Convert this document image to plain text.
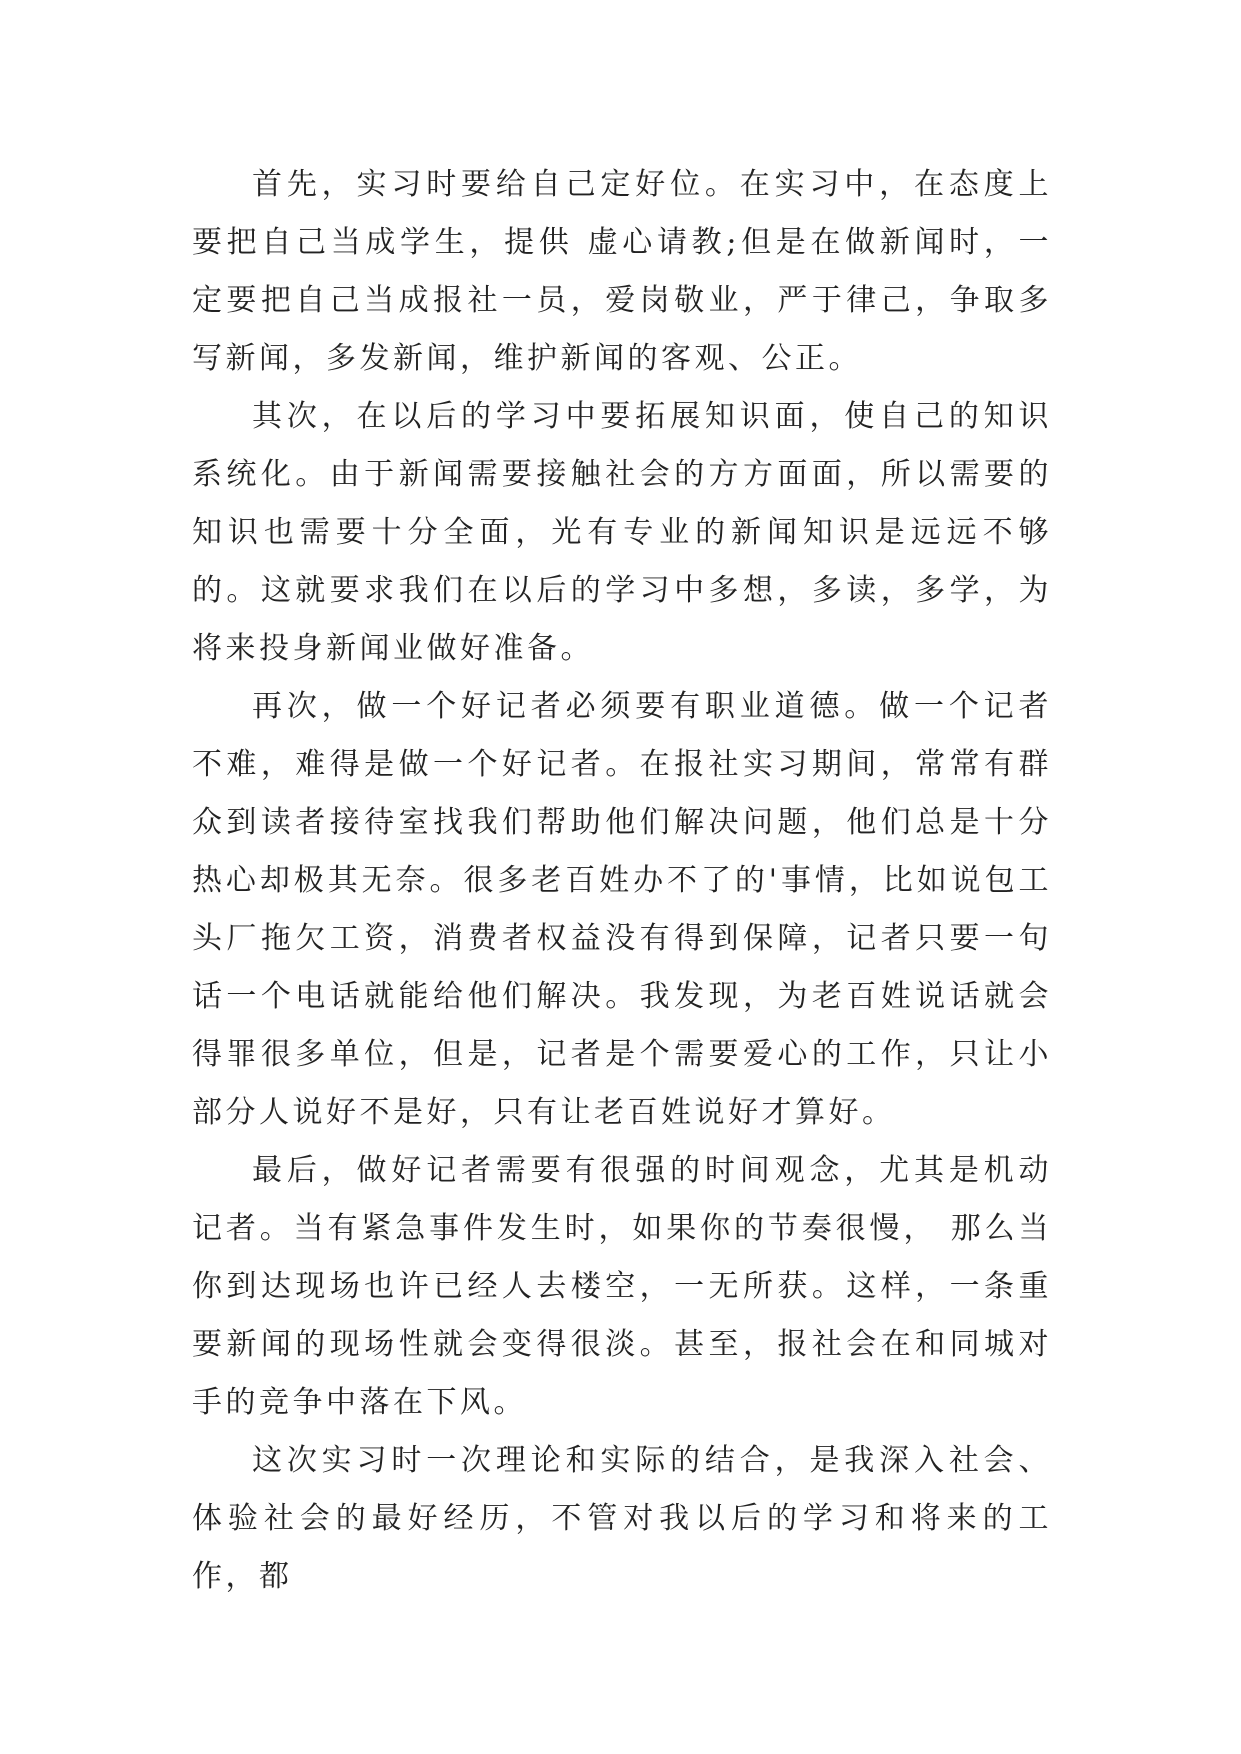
首先，实习时要给自己定好位。在实习中，在态度上要把自己当成学生，提供 虚心请教;但是在做新闻时，一定要把自己当成报社一员，爱岗敬业，严于律己，争取多写新闻，多发新闻，维护新闻的客观、公正。

其次，在以后的学习中要拓展知识面，使自己的知识系统化。由于新闻需要接触社会的方方面面，所以需要的知识也需要十分全面，光有专业的新闻知识是远远不够的。这就要求我们在以后的学习中多想，多读，多学，为将来投身新闻业做好准备。

再次，做一个好记者必须要有职业道德。做一个记者不难，难得是做一个好记者。在报社实习期间，常常有群众到读者接待室找我们帮助他们解决问题，他们总是十分热心却极其无奈。很多老百姓办不了的'事情，比如说包工头厂拖欠工资，消费者权益没有得到保障，记者只要一句话一个电话就能给他们解决。我发现，为老百姓说话就会得罪很多单位，但是，记者是个需要爱心的工作，只让小部分人说好不是好，只有让老百姓说好才算好。

最后，做好记者需要有很强的时间观念，尤其是机动记者。当有紧急事件发生时，如果你的节奏很慢， 那么当你到达现场也许已经人去楼空，一无所获。这样，一条重要新闻的现场性就会变得很淡。甚至，报社会在和同城对手的竞争中落在下风。

这次实习时一次理论和实际的结合，是我深入社会、体验社会的最好经历，不管对我以后的学习和将来的工作，都
